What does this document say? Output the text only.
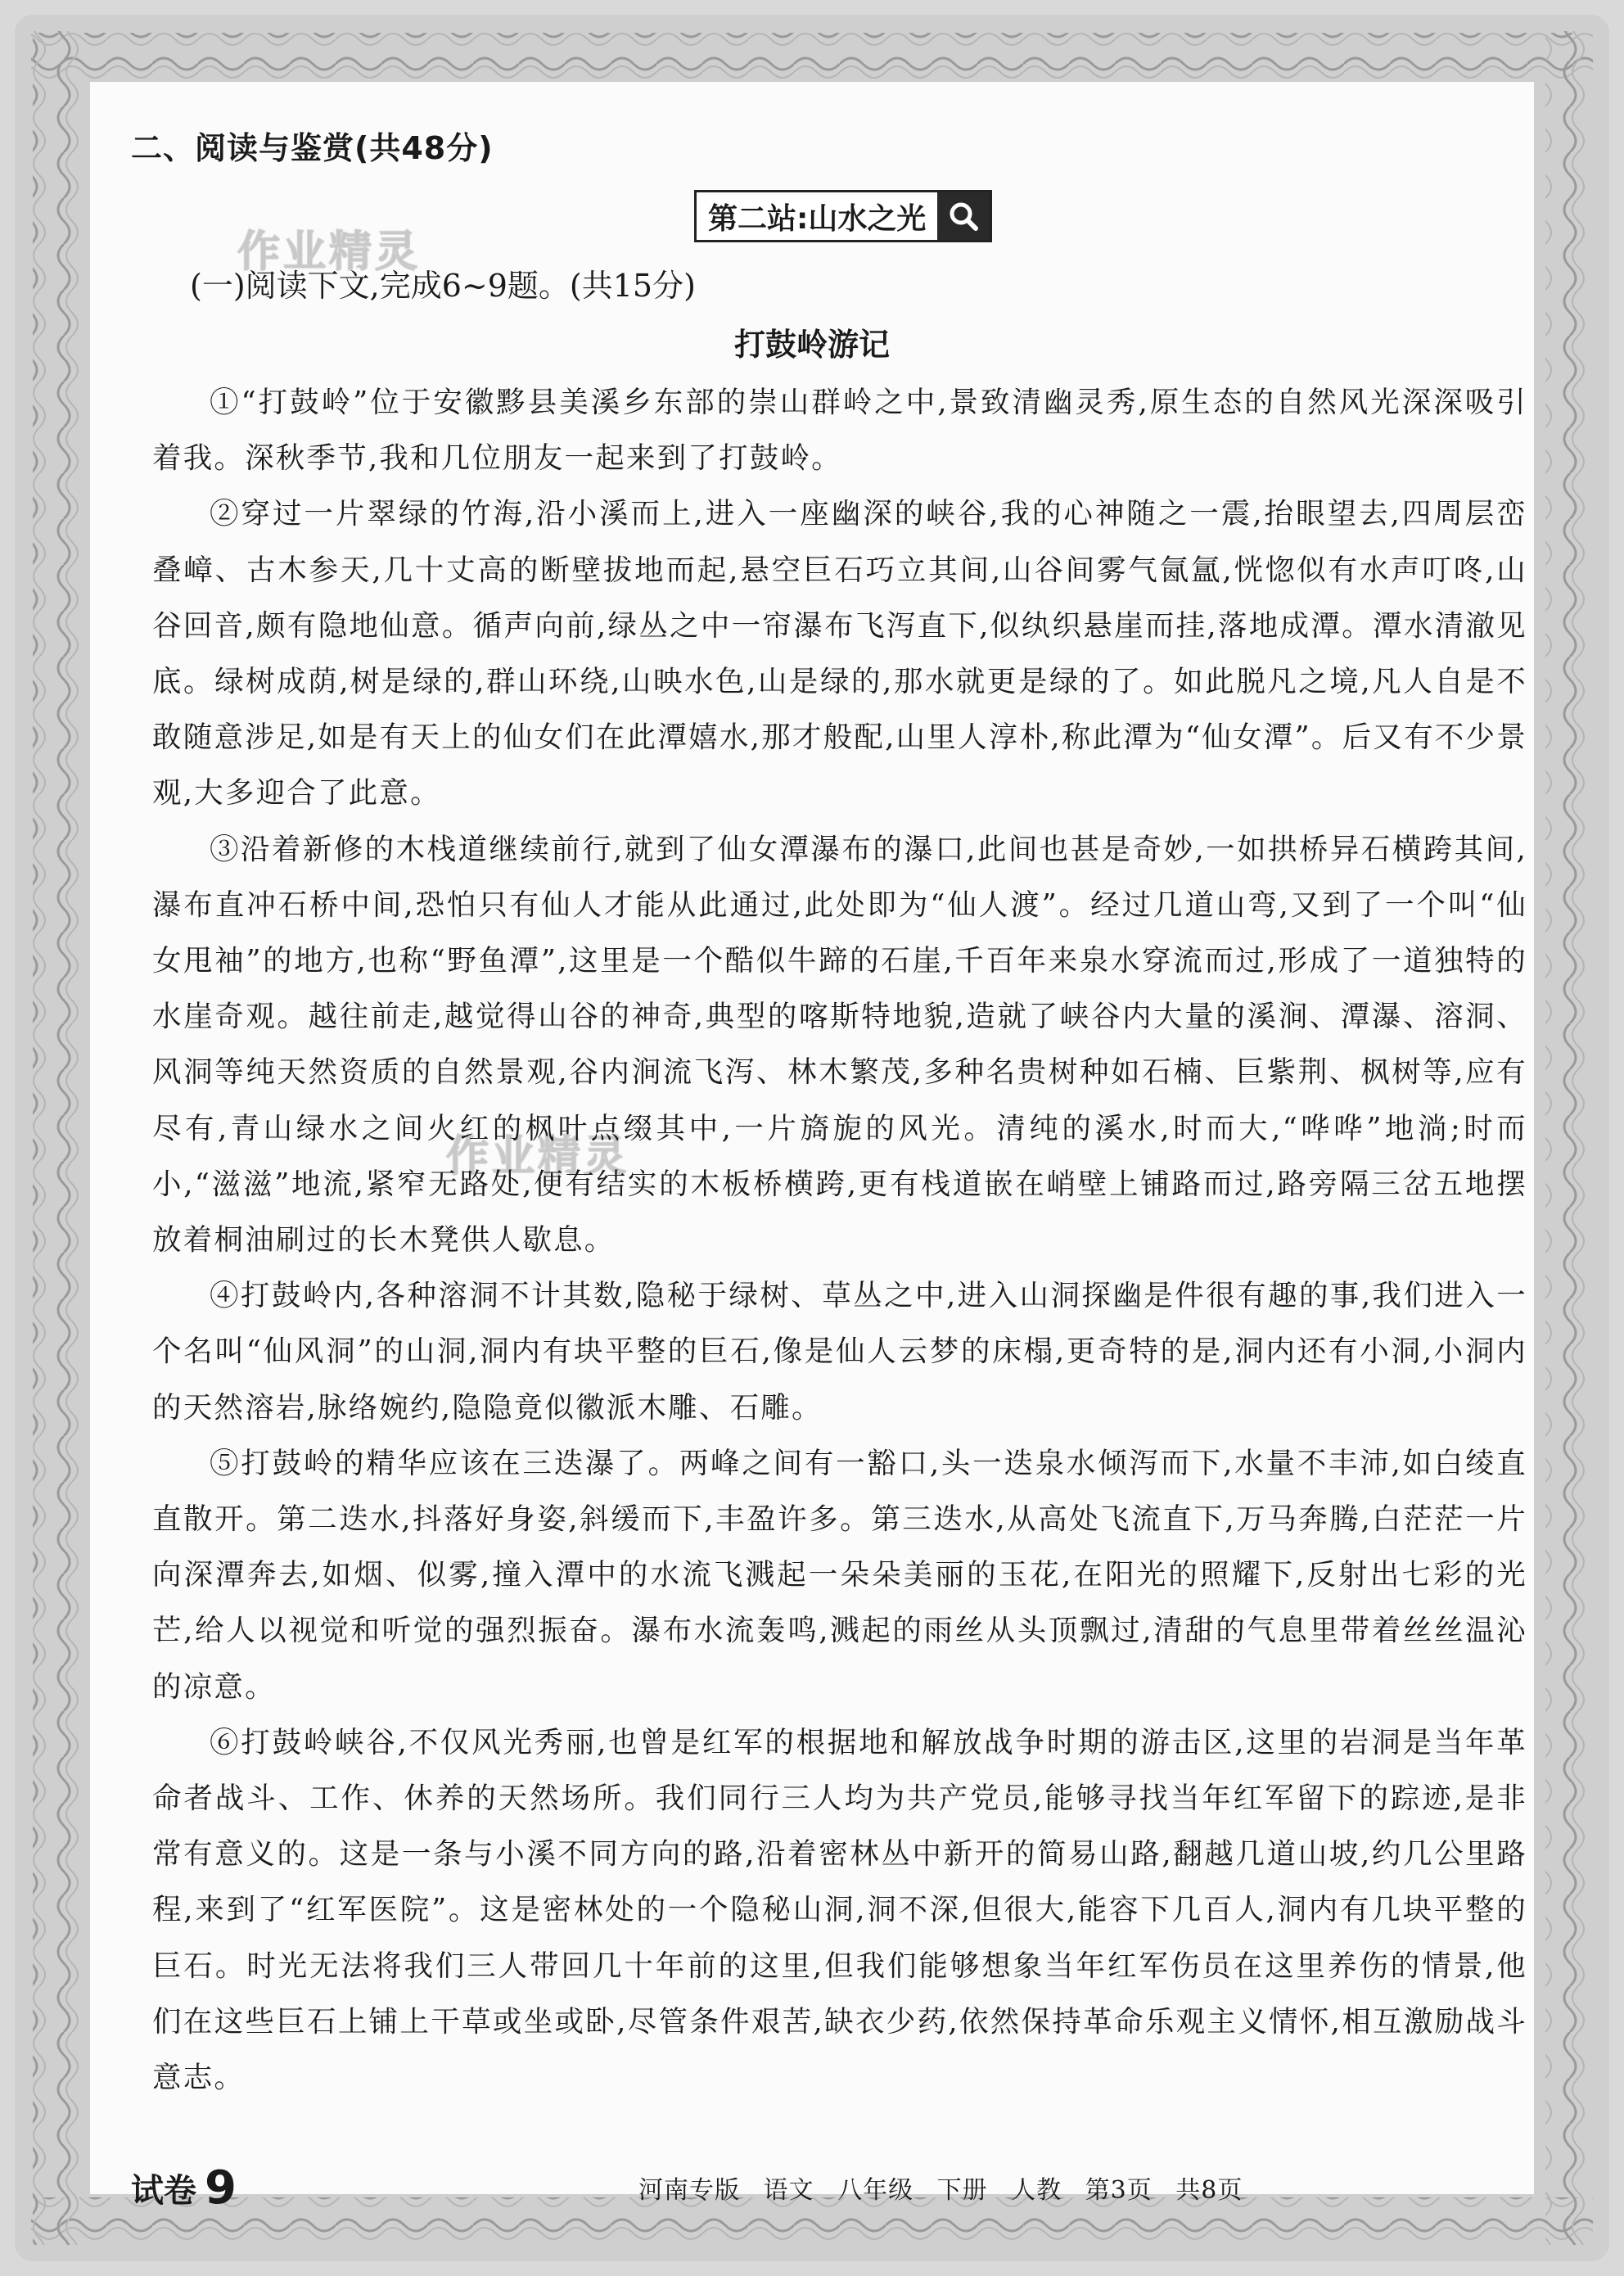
二、阅读与鉴赏(共48分)
第二站:山水之光
作业精灵
作业精灵
(一)阅读下文,完成6~9题。(共15分)
打鼓岭游记

①“打鼓岭”位于安徽黟县美溪乡东部的崇山群岭之中,景致清幽灵秀,原生态的自然风光深深吸引着我。深秋季节,我和几位朋友一起来到了打鼓岭。

②穿过一片翠绿的竹海,沿小溪而上,进入一座幽深的峡谷,我的心神随之一震,抬眼望去,四周层峦叠嶂、古木参天,几十丈高的断壁拔地而起,悬空巨石巧立其间,山谷间雾气氤氲,恍惚似有水声叮咚,山谷回音,颇有隐地仙意。循声向前,绿丛之中一帘瀑布飞泻直下,似纨织悬崖而挂,落地成潭。潭水清澈见底。绿树成荫,树是绿的,群山环绕,山映水色,山是绿的,那水就更是绿的了。如此脱凡之境,凡人自是不敢随意涉足,如是有天上的仙女们在此潭嬉水,那才般配,山里人淳朴,称此潭为“仙女潭”。后又有不少景观,大多迎合了此意。

③沿着新修的木栈道继续前行,就到了仙女潭瀑布的瀑口,此间也甚是奇妙,一如拱桥异石横跨其间,瀑布直冲石桥中间,恐怕只有仙人才能从此通过,此处即为“仙人渡”。经过几道山弯,又到了一个叫“仙女甩袖”的地方,也称“野鱼潭”,这里是一个酷似牛蹄的石崖,千百年来泉水穿流而过,形成了一道独特的水崖奇观。越往前走,越觉得山谷的神奇,典型的喀斯特地貌,造就了峡谷内大量的溪涧、潭瀑、溶洞、风洞等纯天然资质的自然景观,谷内涧流飞泻、林木繁茂,多种名贵树种如石楠、巨紫荆、枫树等,应有尽有,青山绿水之间火红的枫叶点缀其中,一片旖旎的风光。清纯的溪水,时而大,“哗哗”地淌;时而小,“滋滋”地流,紧窄无路处,便有结实的木板桥横跨,更有栈道嵌在峭壁上铺路而过,路旁隔三岔五地摆放着桐油刷过的长木凳供人歇息。

④打鼓岭内,各种溶洞不计其数,隐秘于绿树、草丛之中,进入山洞探幽是件很有趣的事,我们进入一个名叫“仙风洞”的山洞,洞内有块平整的巨石,像是仙人云梦的床榻,更奇特的是,洞内还有小洞,小洞内的天然溶岩,脉络婉约,隐隐竟似徽派木雕、石雕。

⑤打鼓岭的精华应该在三迭瀑了。两峰之间有一豁口,头一迭泉水倾泻而下,水量不丰沛,如白绫直直散开。第二迭水,抖落好身姿,斜缓而下,丰盈许多。第三迭水,从高处飞流直下,万马奔腾,白茫茫一片向深潭奔去,如烟、似雾,撞入潭中的水流飞溅起一朵朵美丽的玉花,在阳光的照耀下,反射出七彩的光芒,给人以视觉和听觉的强烈振奋。瀑布水流轰鸣,溅起的雨丝从头顶飘过,清甜的气息里带着丝丝温沁的凉意。

⑥打鼓岭峡谷,不仅风光秀丽,也曾是红军的根据地和解放战争时期的游击区,这里的岩洞是当年革命者战斗、工作、休养的天然场所。我们同行三人均为共产党员,能够寻找当年红军留下的踪迹,是非常有意义的。这是一条与小溪不同方向的路,沿着密林丛中新开的简易山路,翻越几道山坡,约几公里路程,来到了“红军医院”。这是密林处的一个隐秘山洞,洞不深,但很大,能容下几百人,洞内有几块平整的巨石。时光无法将我们三人带回几十年前的这里,但我们能够想象当年红军伤员在这里养伤的情景,他们在这些巨石上铺上干草或坐或卧,尽管条件艰苦,缺衣少药,依然保持革命乐观主义情怀,相互激励战斗意志。

试卷 9	河南专版 语文 八年级 下册 人教 第3页 共8页
